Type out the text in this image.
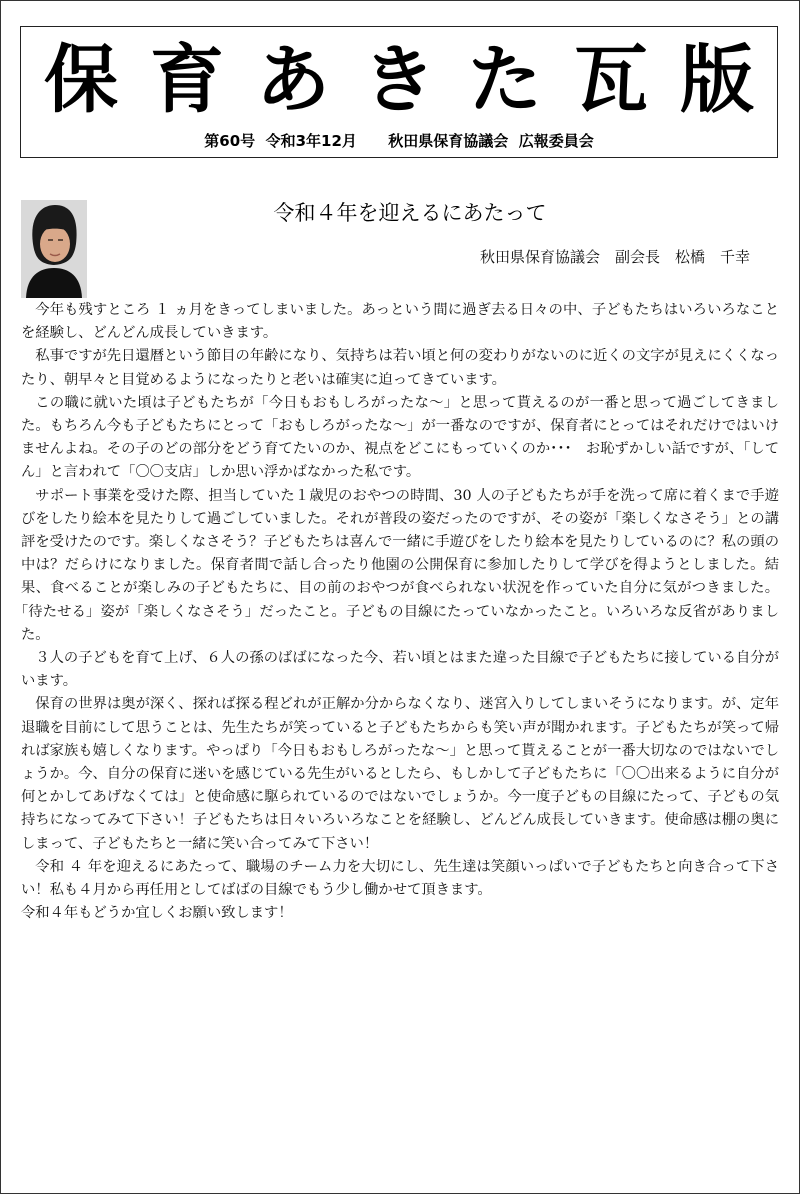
保 育 あ き た 瓦 版
第60号  令和3年12月      秋田県保育協議会  広報委員会
令和４年を迎えるにあたって
秋田県保育協議会　副会長　松橋　千幸

今年も残すところ １ ヵ月をきってしまいました。あっという間に過ぎ去る日々の中、子どもたちはいろいろなことを経験し、どんどん成長していきます。

私事ですが先日還暦という節目の年齢になり、気持ちは若い頃と何の変わりがないのに近くの文字が見えにくくなったり、朝早々と目覚めるようになったりと老いは確実に迫ってきています。

この職に就いた頃は子どもたちが「今日もおもしろがったな～」と思って貰えるのが一番と思って過ごしてきました。もちろん今も子どもたちにとって「おもしろがったな～」が一番なのですが、保育者にとってはそれだけではいけませんよね。その子のどの部分をどう育てたいのか、視点をどこにもっていくのか･･･　お恥ずかしい話ですが、｢してん」と言われて「〇〇支店」しか思い浮かばなかった私です。

サポート事業を受けた際、担当していた１歳児のおやつの時間、30 人の子どもたちが手を洗って席に着くまで手遊びをしたり絵本を見たりして過ごしていました。それが普段の姿だったのですが、その姿が「楽しくなさそう」との講評を受けたのです。楽しくなさそう？子どもたちは喜んで一緒に手遊びをしたり絵本を見たりしているのに？私の頭の中は？だらけになりました。保育者間で話し合ったり他園の公開保育に参加したりして学びを得ようとしました。結果、食べることが楽しみの子どもたちに、目の前のおやつが食べられない状況を作っていた自分に気がつきました。｢待たせる」姿が「楽しくなさそう」だったこと。子どもの目線にたっていなかったこと。いろいろな反省がありました。

３人の子どもを育て上げ、６人の孫のばばになった今、若い頃とはまた違った目線で子どもたちに接している自分がいます。

保育の世界は奥が深く、探れば探る程どれが正解か分からなくなり、迷宮入りしてしまいそうになります。が、定年退職を目前にして思うことは、先生たちが笑っていると子どもたちからも笑い声が聞かれます。子どもたちが笑って帰れば家族も嬉しくなります。やっぱり「今日もおもしろがったな～」と思って貰えることが一番大切なのではないでしょうか。今、自分の保育に迷いを感じている先生がいるとしたら、もしかして子どもたちに「〇〇出来るように自分が何とかしてあげなくては」と使命感に駆られているのではないでしょうか。今一度子どもの目線にたって、子どもの気持ちになってみて下さい！子どもたちは日々いろいろなことを経験し、どんどん成長していきます。使命感は棚の奥にしまって、子どもたちと一緒に笑い合ってみて下さい！

令和 ４ 年を迎えるにあたって、職場のチーム力を大切にし、先生達は笑顔いっぱいで子どもたちと向き合って下さい！私も４月から再任用としてばばの目線でもう少し働かせて頂きます。

令和４年もどうか宜しくお願い致します！
